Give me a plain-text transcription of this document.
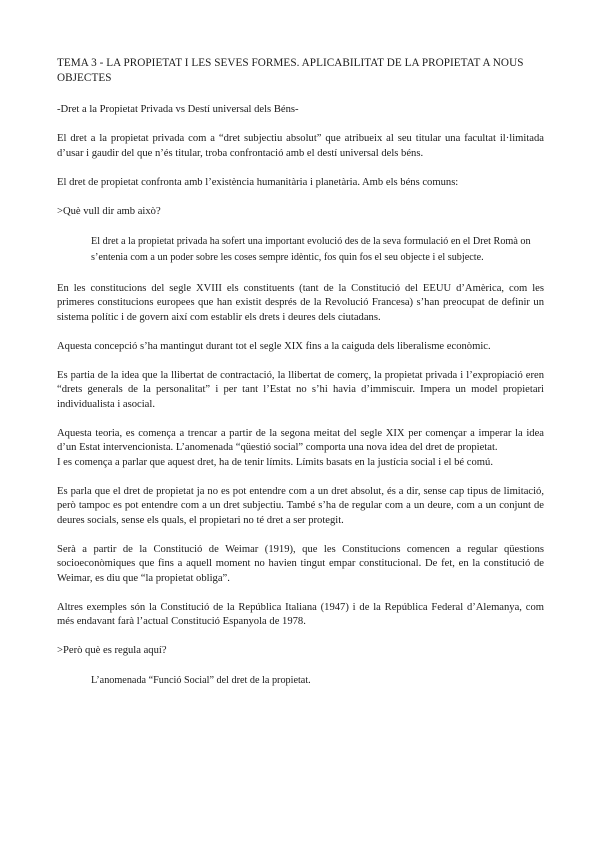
TEMA 3 - LA PROPIETAT I LES SEVES FORMES. APLICABILITAT DE LA PROPIETAT A NOUS OBJECTES
-Dret a la Propietat Privada vs Destí universal dels Béns-
El dret a la propietat privada com a “dret subjectiu absolut” que atribueix al seu titular una facultat il·limitada d’usar i gaudir del que n’és titular, troba confrontació amb el destí universal dels béns.
El dret de propietat confronta amb l’existència humanitària i planetària. Amb els béns comuns:
>Què vull dir amb això?
El dret a la propietat privada ha sofert una important evolució des de la seva formulació en el Dret Romà on s’entenia com a un poder sobre les coses sempre idèntic, fos quin fos el seu objecte i el subjecte.
En les constitucions del segle XVIII els constituents (tant de la Constitució del EEUU d’Amèrica, com les primeres constitucions europees que han existit després de la Revolució Francesa) s’han preocupat de definir un sistema polític i de govern així com establir els drets i deures dels ciutadans.
Aquesta concepció s’ha mantingut durant tot el segle XIX fins a la caiguda dels liberalisme econòmic.
Es partia de la idea que la llibertat de contractació, la llibertat de comerç, la propietat privada i l’expropiació eren “drets generals de la personalitat” i per tant l’Estat no s’hi havia d’immiscuir. Impera un model propietari individualista i asocial.
Aquesta teoria, es comença a trencar a partir de la segona meitat del segle XIX per començar a imperar la idea d’un Estat intervencionista. L’anomenada “qüestió social” comporta una nova idea del dret de propietat.
I es comença a parlar que aquest dret, ha de tenir límits. Límits basats en la justícia social i el bé comú.
Es parla que el dret de propietat ja no es pot entendre com a un dret absolut, és a dir, sense cap tipus de limitació, però tampoc es pot entendre com a un dret subjectiu. També s’ha de regular com a un deure, com a un conjunt de deures socials, sense els quals, el propietari no té dret a ser protegit.
Serà a partir de la Constitució de Weimar (1919), que les Constitucions comencen a regular qüestions socioeconòmiques que fins a aquell moment no havien tingut empar constitucional. De fet, en la constitució de Weimar, es diu que “la propietat obliga”.
Altres exemples són la Constitució de la República Italiana (1947) i de la República Federal d’Alemanya, com més endavant farà l’actual Constitució Espanyola de 1978.
>Però què es regula aquí?
L’anomenada “Funció Social” del dret de la propietat.
